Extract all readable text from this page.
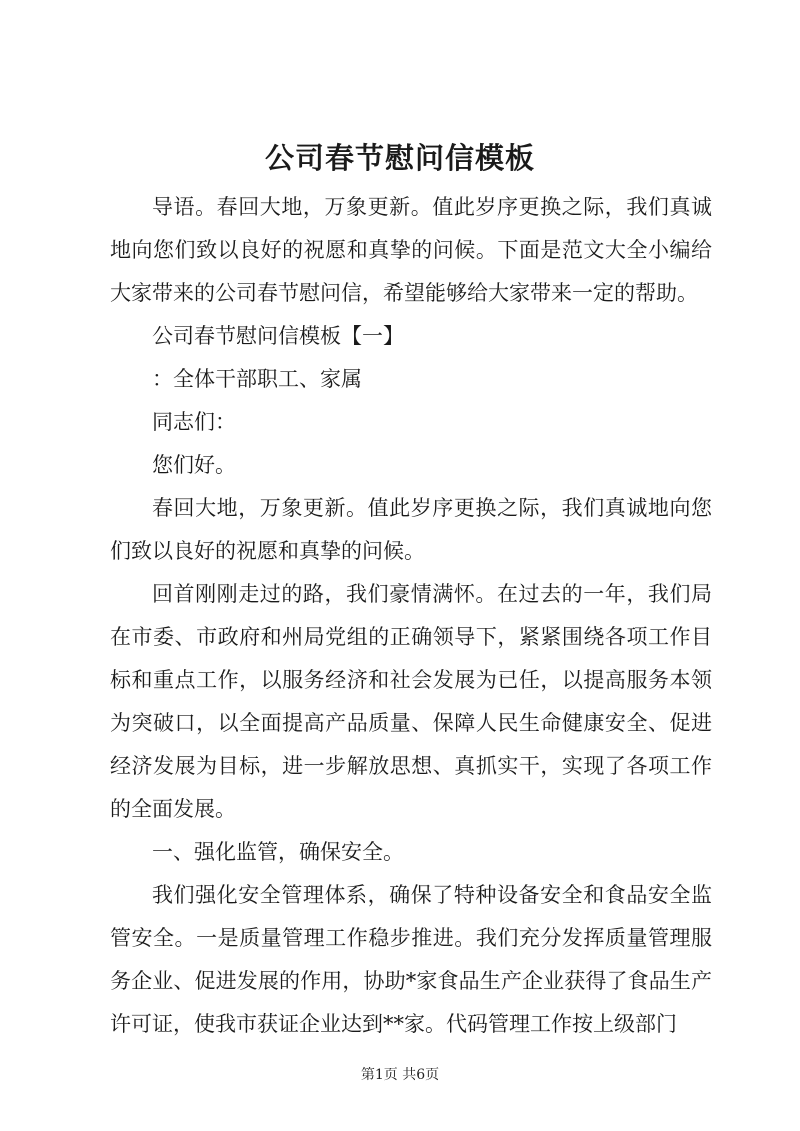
公司春节慰问信模板

导语。春回大地，万象更新。值此岁序更换之际，我们真诚地向您们致以良好的祝愿和真挚的问候。下面是范文大全小编给大家带来的公司春节慰问信，希望能够给大家带来一定的帮助。

公司春节慰问信模板【一】

：全体干部职工、家属

同志们：

您们好。

春回大地，万象更新。值此岁序更换之际，我们真诚地向您们致以良好的祝愿和真挚的问候。

回首刚刚走过的路，我们豪情满怀。在过去的一年，我们局在市委、市政府和州局党组的正确领导下，紧紧围绕各项工作目标和重点工作，以服务经济和社会发展为已任，以提高服务本领为突破口，以全面提高产品质量、保障人民生命健康安全、促进经济发展为目标，进一步解放思想、真抓实干，实现了各项工作的全面发展。

一、强化监管，确保安全。

我们强化安全管理体系，确保了特种设备安全和食品安全监管安全。一是质量管理工作稳步推进。我们充分发挥质量管理服务企业、促进发展的作用，协助*家食品生产企业获得了食品生产许可证，使我市获证企业达到**家。代码管理工作按上级部门

第1页 共6页
